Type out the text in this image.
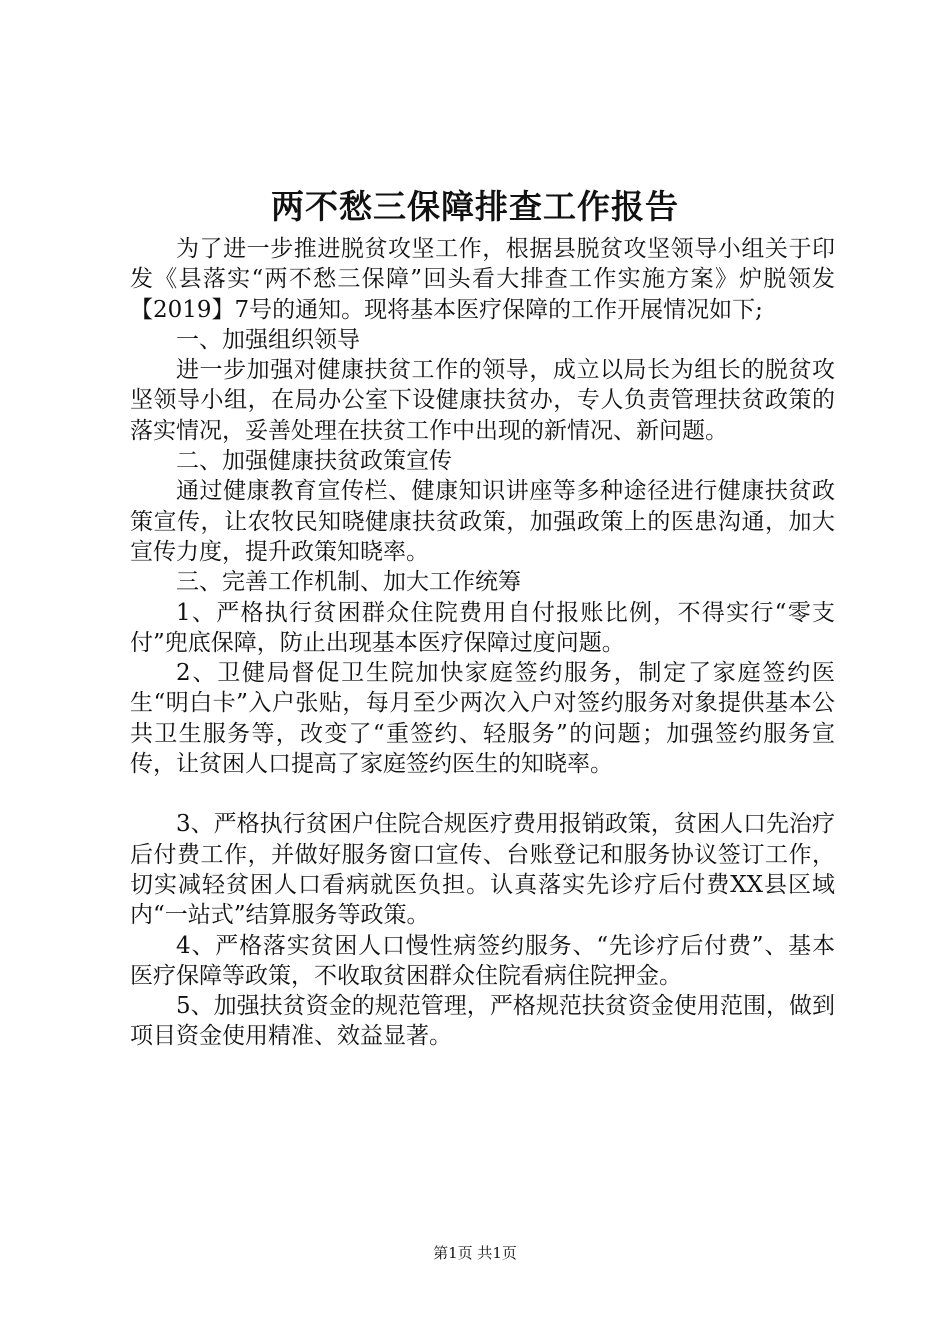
两不愁三保障排查工作报告

为了进一步推进脱贫攻坚工作，根据县脱贫攻坚领导小组关于印发《县落实“两不愁三保障”回头看大排查工作实施方案》炉脱领发【2019】7号的通知。现将基本医疗保障的工作开展情况如下;

一、加强组织领导

进一步加强对健康扶贫工作的领导，成立以局长为组长的脱贫攻坚领导小组，在局办公室下设健康扶贫办，专人负责管理扶贫政策的落实情况，妥善处理在扶贫工作中出现的新情况、新问题。

二、加强健康扶贫政策宣传

通过健康教育宣传栏、健康知识讲座等多种途径进行健康扶贫政策宣传，让农牧民知晓健康扶贫政策，加强政策上的医患沟通，加大宣传力度，提升政策知晓率。

三、完善工作机制、加大工作统筹

1、严格执行贫困群众住院费用自付报账比例，不得实行“零支付”兜底保障，防止出现基本医疗保障过度问题。

2、卫健局督促卫生院加快家庭签约服务，制定了家庭签约医生“明白卡”入户张贴，每月至少两次入户对签约服务对象提供基本公共卫生服务等，改变了“重签约、轻服务”的问题；加强签约服务宣传，让贫困人口提高了家庭签约医生的知晓率。

3、严格执行贫困户住院合规医疗费用报销政策，贫困人口先治疗后付费工作，并做好服务窗口宣传、台账登记和服务协议签订工作，切实减轻贫困人口看病就医负担。认真落实先诊疗后付费XX县区域内“一站式”结算服务等政策。

4、严格落实贫困人口慢性病签约服务、“先诊疗后付费”、基本医疗保障等政策，不收取贫困群众住院看病住院押金。

5、加强扶贫资金的规范管理，严格规范扶贫资金使用范围，做到项目资金使用精准、效益显著。

第1页 共1页
